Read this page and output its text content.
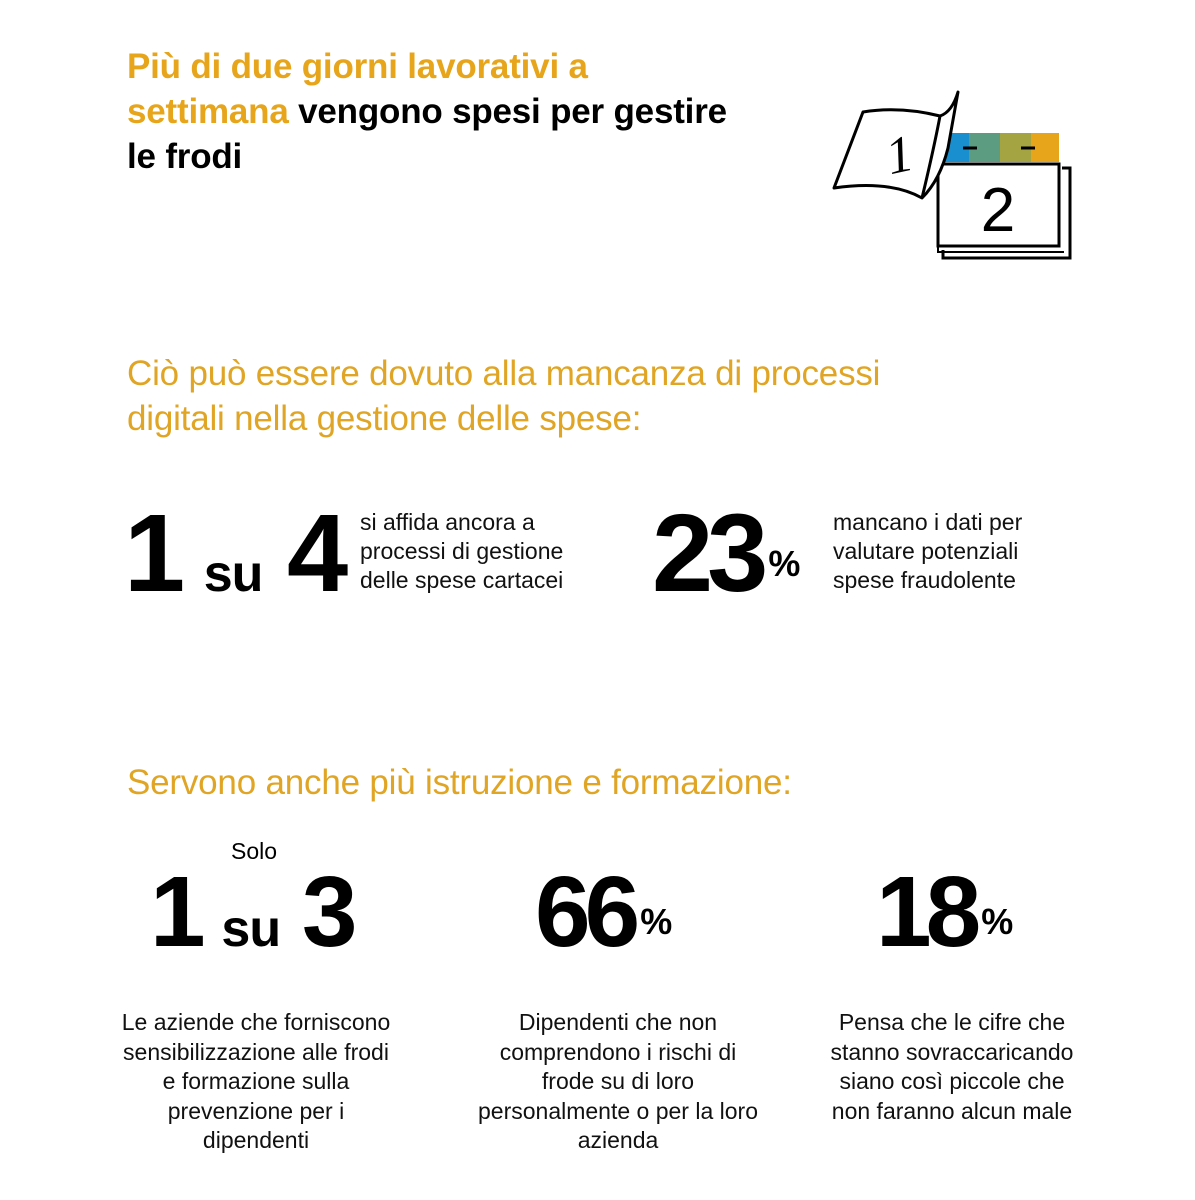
Più di due giorni lavorativi a settimana vengono spesi per gestire le frodi
2
1
Ciò può essere dovuto alla mancanza di processi digitali nella gestione delle spese:
1 su 4 si affida ancora a processi di gestione delle spese cartacei 23 %
mancano i dati per valutare potenziali spese fraudolente
Servono anche più istruzione e formazione:
Solo
1 su 3 66 % 18 %
Le aziende che forniscono sensibilizzazione alle frodi e formazione sulla prevenzione per i dipendenti
Dipendenti che non comprendono i rischi di frode su di loro personalmente o per la loro azienda
Pensa che le cifre che stanno sovraccaricando siano così piccole che non faranno alcun male
